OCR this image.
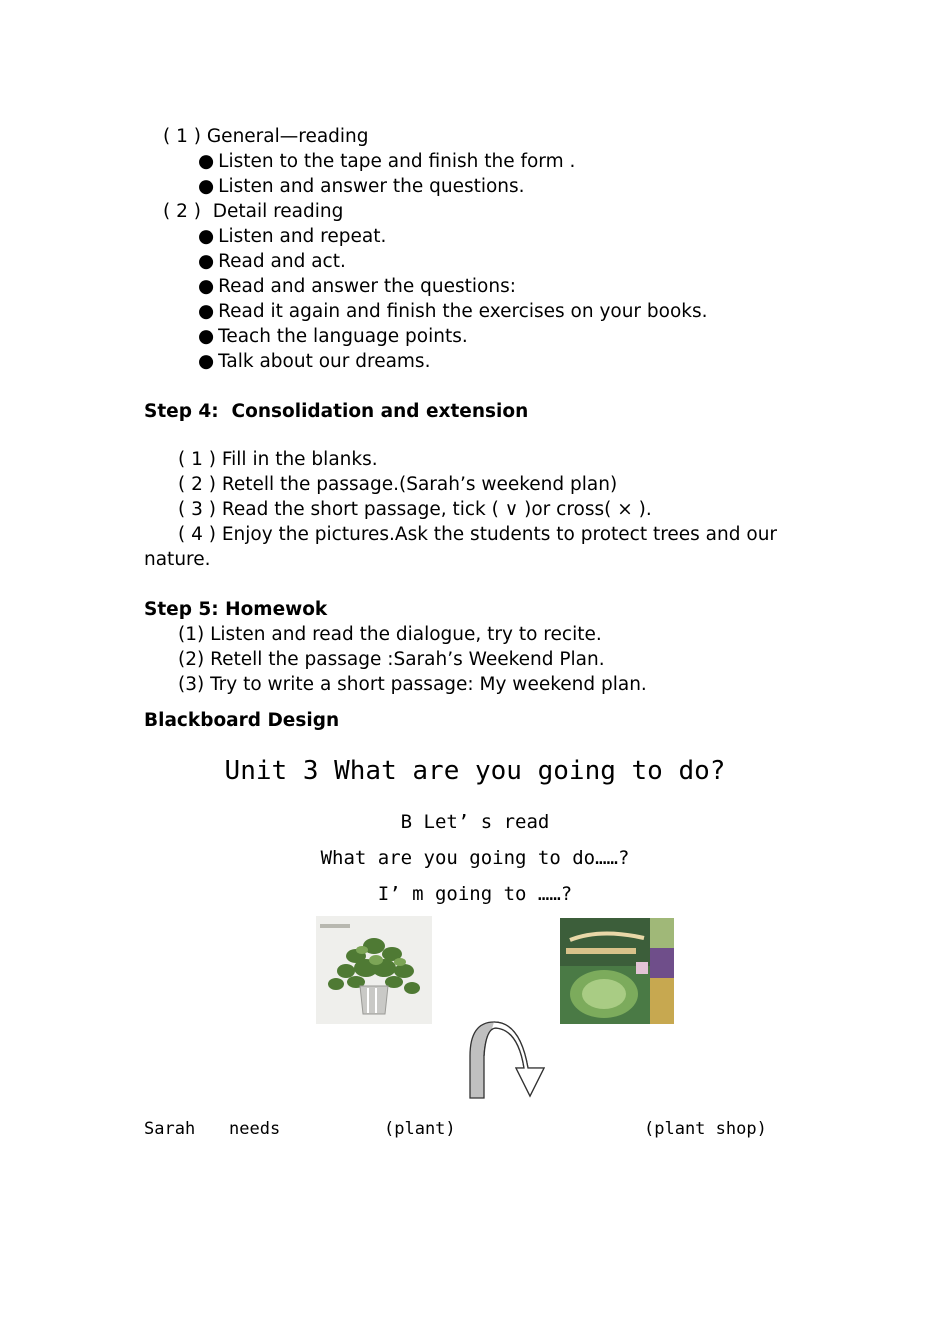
( 1 ) General—reading
● Listen to the tape and finish the form .
● Listen and answer the questions.
( 2 )  Detail reading
● Listen and repeat.
● Read and act.
● Read and answer the questions:
● Read it again and finish the exercises on your books.
● Teach the language points.
● Talk about our dreams.
Step 4:  Consolidation and extension
( 1 ) Fill in the blanks.
( 2 ) Retell the passage.(Sarah’s weekend plan)
( 3 ) Read the short passage, tick ( ∨ )or cross( × ).
( 4 ) Enjoy the pictures.Ask the students to protect trees and our
nature.
Step 5: Homewok
(1) Listen and read the dialogue, try to recite.
(2) Retell the passage :Sarah’s Weekend Plan.
(3) Try to write a short passage: My weekend plan.
Blackboard Design
Unit 3 What are you going to do?
B Let’ s read
What are you going to do……?
I’ m going to ……?
Sarah needs	(plant)	(plant shop)
